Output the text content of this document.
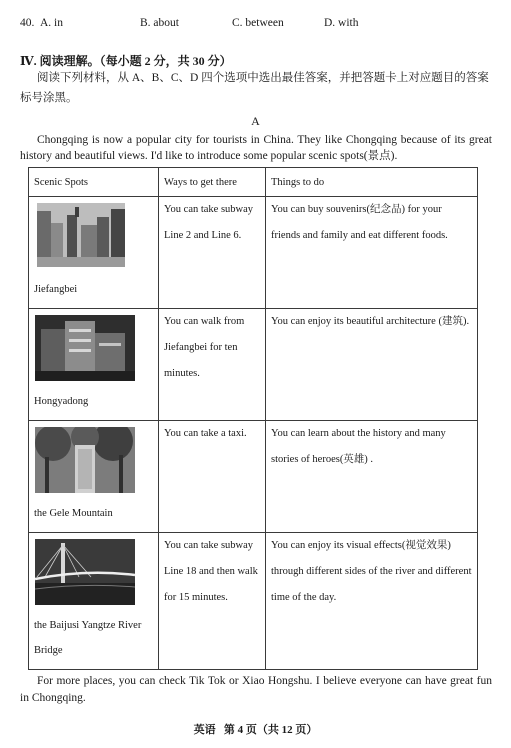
40. A. in	B. about	C. between	D. with
Ⅳ. 阅读理解。（每小题 2 分，共 30 分）
阅读下列材料，从 A、B、C、D 四个选项中选出最佳答案，并把答题卡上对应题目的答案标号涂黑。
A
Chongqing is now a popular city for tourists in China. They like Chongqing because of its great history and beautiful views. I'd like to introduce some popular scenic spots(景点).
Scenic Spots	Ways to get there	Things to do

Jiefangbei	You can take subway Line 2 and Line 6.	You can buy souvenirs(纪念品) for your friends and family and eat different foods.

Hongyadong	You can walk from Jiefangbei for ten minutes.	You can enjoy its beautiful architecture (建筑).

the Gele Mountain	You can take a taxi.	You can learn about the history and many stories of heroes(英雄) .

the Baijusi Yangtze River Bridge	You can take subway Line 18 and then walk for 15 minutes.	You can enjoy its visual effects(视觉效果) through different sides of the river and different time of the day.
For more places, you can check Tik Tok or Xiao Hongshu. I believe everyone can have great fun in Chongqing.
英语   第 4 页（共 12 页）
